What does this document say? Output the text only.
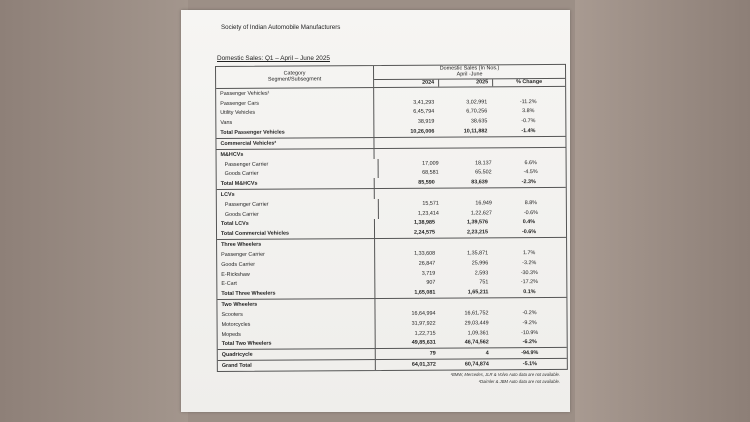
Society of Indian Automobile Manufacturers
Domestic Sales: Q1 – April – June 2025
Category
Segment/Subsegment
Domestic Sales (In Nos.)
April -June
2024	2025	% Change
Passenger Vehicles¹
Passenger Cars	3,41,293	3,02,991	-11.2%
Utility Vehicles	6,45,794	6,70,256	3.8%
Vans	38,919	38,635	-0.7%
Total Passenger Vehicles	10,26,006	10,11,882	-1.4%
Commercial Vehicles²
M&HCVs
Passenger Carrier	17,009	18,137	6.6%
Goods Carrier	68,581	65,502	-4.5%
Total M&HCVs	85,590	83,639	-2.3%
LCVs
Passenger Carrier	15,571	16,949	8.8%
Goods Carrier	1,23,414	1,22,627	-0.6%
Total LCVs	1,38,985	1,39,576	0.4%
Total Commercial Vehicles	2,24,575	2,23,215	-0.6%
Three Wheelers
Passenger Carrier	1,33,608	1,35,871	1.7%
Goods Carrier	26,847	25,996	-3.2%
E-Rickshaw	3,719	2,593	-30.3%
E-Cart	907	751	-17.2%
Total Three Wheelers	1,65,081	1,65,211	0.1%
Two Wheelers
Scooters	16,64,994	16,61,752	-0.2%
Motorcycles	31,97,922	29,03,449	-9.2%
Mopeds	1,22,715	1,09,361	-10.9%
Total Two Wheelers	49,85,631	46,74,562	-6.2%
Quadricycle	79	4	-94.9%
Grand Total	64,01,372	60,74,874	-5.1%
¹BMW, Mercedes, JLR & Volvo Auto data are not available.
²Daimler & JBM Auto data are not available.
